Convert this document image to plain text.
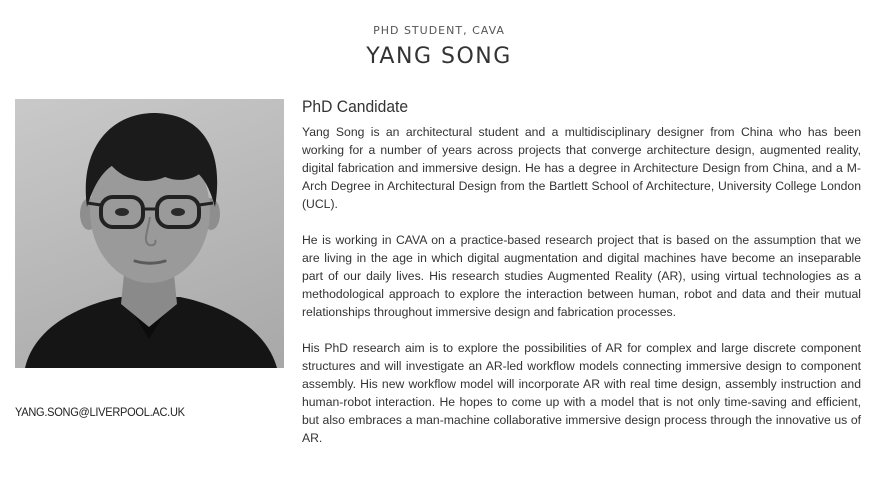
PHD STUDENT, CAVA
YANG SONG
YANG.SONG@LIVERPOOL.AC.UK
PhD Candidate

Yang Song is an architectural student and a multidisciplinary designer from China who has been working for a number of years across projects that converge architecture design, augmented reality, digital fabrication and immersive design. He has a degree in Architecture Design from China, and a M-Arch Degree in Architectural Design from the Bartlett School of Architecture, University College London (UCL).

He is working in CAVA on a practice-based research project that is based on the assumption that we are living in the age in which digital augmentation and digital machines have become an inseparable part of our daily lives. His research studies Augmented Reality (AR), using virtual technologies as a methodological approach to explore the interaction between human, robot and data and their mutual relationships throughout immersive design and fabrication processes.

His PhD research aim is to explore the possibilities of AR for complex and large discrete component structures and will investigate an AR-led workflow models connecting immersive design to component assembly. His new workflow model will incorporate AR with real time design, assembly instruction and human-robot interaction. He hopes to come up with a model that is not only time-saving and efficient, but also embraces a man-machine collaborative immersive design process through the innovative us of AR.
